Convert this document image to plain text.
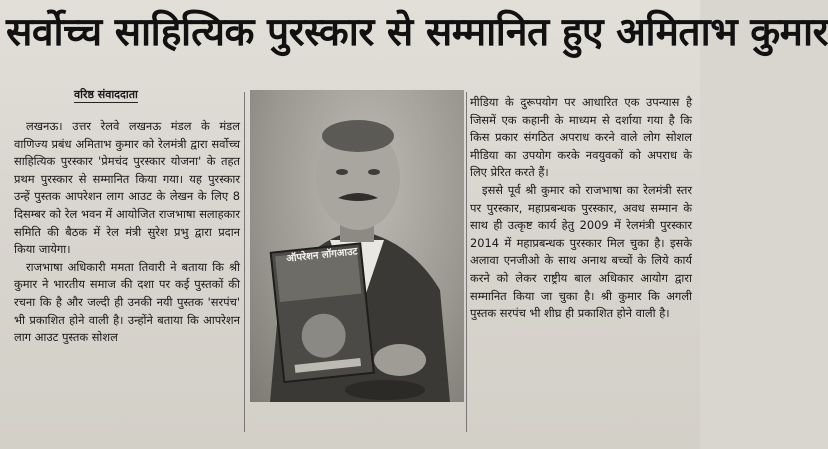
सर्वोच्च साहित्यिक पुरस्कार से सम्मानित हुए अमिताभ कुमार
वरिष्ठ संवाददाता

लखनऊ। उत्तर रेलवे लखनऊ मंडल के मंडल वाणिज्य प्रबंध अमिताभ कुमार को रेलमंत्री द्वारा सर्वोच्च साहित्यिक पुरस्कार 'प्रेमचंद पुरस्कार योजना' के तहत प्रथम पुरस्कार से सम्मानित किया गया। यह पुरस्कार उन्हें पुस्तक आपरेशन लाग आउट के लेखन के लिए 8 दिसम्बर को रेल भवन में आयोजित राजभाषा सलाहकार समिति की बैठक में रेल मंत्री सुरेश प्रभु द्वारा प्रदान किया जायेगा।

राजभाषा अधिकारी ममता तिवारी ने बताया कि श्री कुमार ने भारतीय समाज की दशा पर कई पुस्तकों की रचना कि है और जल्दी ही उनकी नयी पुस्तक 'सरपंच' भी प्रकाशित होने वाली है। उन्होंने बताया कि आपरेशन लाग आउट पुस्तक सोशल

ऑपरेशन लॉगआउट

मीडिया के दुरूपयोग पर आधारित एक उपन्यास है जिसमें एक कहानी के माध्यम से दर्शाया गया है कि किस प्रकार संगठित अपराध करने वाले लोग सोशल मीडिया का उपयोग करके नवयुवकों को अपराध के लिए प्रेरित करते हैं।

इससे पूर्व श्री कुमार को राजभाषा का रेलमंत्री स्तर पर पुरस्कार, महाप्रबन्धक पुरस्कार, अवध सम्मान के साथ ही उत्कृष्ट कार्य हेतु 2009 में रेलमंत्री पुरस्कार 2014 में महाप्रबन्धक पुरस्कार मिल चुका है। इसके अलावा एनजीओ के साथ अनाथ बच्चों के लिये कार्य करने को लेकर राष्ट्रीय बाल अधिकार आयोग द्वारा सम्मानित किया जा चुका है। श्री कुमार कि अगली पुस्तक सरपंच भी शीघ्र ही प्रकाशित होने वाली है।
